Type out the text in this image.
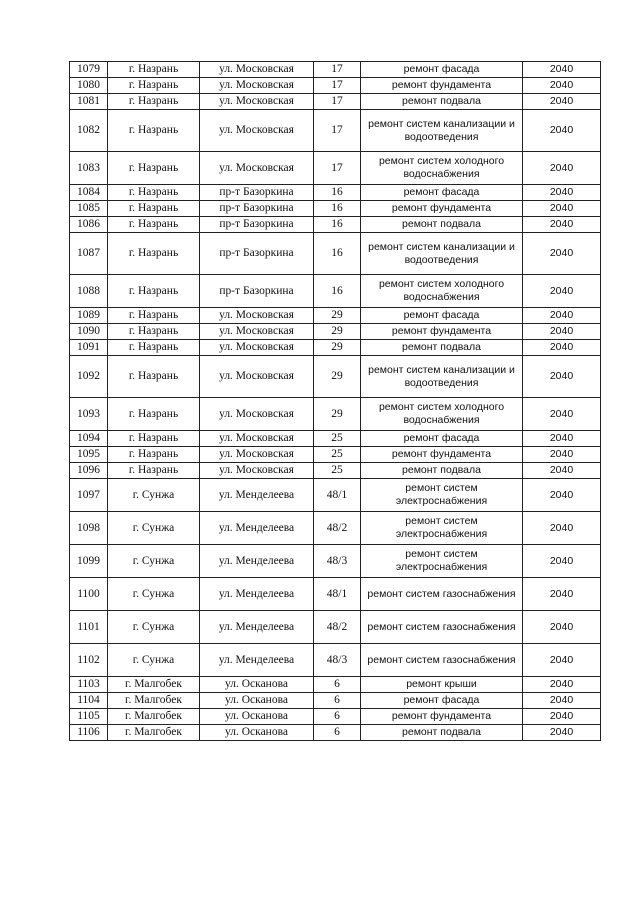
1079	г. Назрань	ул. Московская	17	ремонт фасада	2040
1080	г. Назрань	ул. Московская	17	ремонт фундамента	2040
1081	г. Назрань	ул. Московская	17	ремонт подвала	2040
1082	г. Назрань	ул. Московская	17	ремонт систем канализации и водоотведения	2040
1083	г. Назрань	ул. Московская	17	ремонт систем холодного водоснабжения	2040
1084	г. Назрань	пр-т Базоркина	16	ремонт фасада	2040
1085	г. Назрань	пр-т Базоркина	16	ремонт фундамента	2040
1086	г. Назрань	пр-т Базоркина	16	ремонт подвала	2040
1087	г. Назрань	пр-т Базоркина	16	ремонт систем канализации и водоотведения	2040
1088	г. Назрань	пр-т Базоркина	16	ремонт систем холодного водоснабжения	2040
1089	г. Назрань	ул. Московская	29	ремонт фасада	2040
1090	г. Назрань	ул. Московская	29	ремонт фундамента	2040
1091	г. Назрань	ул. Московская	29	ремонт подвала	2040
1092	г. Назрань	ул. Московская	29	ремонт систем канализации и водоотведения	2040
1093	г. Назрань	ул. Московская	29	ремонт систем холодного водоснабжения	2040
1094	г. Назрань	ул. Московская	25	ремонт фасада	2040
1095	г. Назрань	ул. Московская	25	ремонт фундамента	2040
1096	г. Назрань	ул. Московская	25	ремонт подвала	2040
1097	г. Сунжа	ул. Менделеева	48/1	ремонт систем электроснабжения	2040
1098	г. Сунжа	ул. Менделеева	48/2	ремонт систем электроснабжения	2040
1099	г. Сунжа	ул. Менделеева	48/3	ремонт систем электроснабжения	2040
1100	г. Сунжа	ул. Менделеева	48/1	ремонт систем газоснабжения	2040
1101	г. Сунжа	ул. Менделеева	48/2	ремонт систем газоснабжения	2040
1102	г. Сунжа	ул. Менделеева	48/3	ремонт систем газоснабжения	2040
1103	г. Малгобек	ул. Осканова	6	ремонт крыши	2040
1104	г. Малгобек	ул. Осканова	6	ремонт фасада	2040
1105	г. Малгобек	ул. Осканова	6	ремонт фундамента	2040
1106	г. Малгобек	ул. Осканова	6	ремонт подвала	2040
